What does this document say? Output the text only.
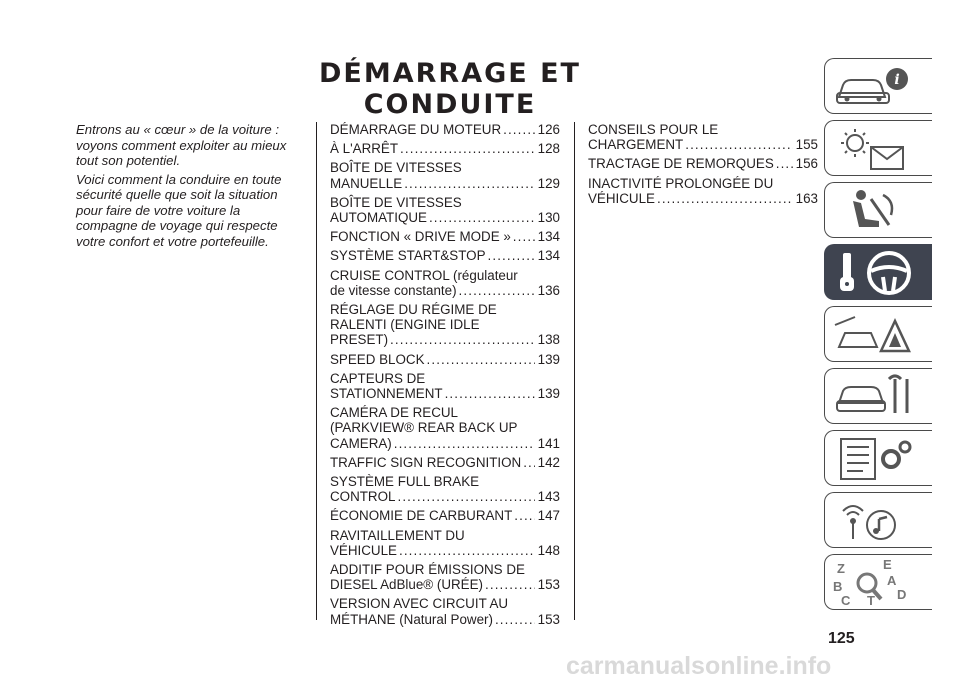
DÉMARRAGE ET CONDUITE

Entrons au « cœur » de la voiture : voyons comment exploiter au mieux tout son potentiel.

Voici comment la conduire en toute sécurité quelle que soit la situation pour faire de votre voiture la compagne de voyage qui respecte votre confort et votre portefeuille.

DÉMARRAGE DU MOTEUR . . .	126
À L'ARRÊT . . .	128
BOÎTE DE VITESSES
MANUELLE . . .	129
BOÎTE DE VITESSES
AUTOMATIQUE . . .	130
FONCTION « DRIVE MODE » . . . 134
SYSTÈME START&STOP . . .	134
CRUISE CONTROL (régulateur
de vitesse constante) . . .	136
RÉGLAGE DU RÉGIME DE
RALENTI (ENGINE IDLE
PRESET) . . .	138
SPEED BLOCK . . .	139
CAPTEURS DE
STATIONNEMENT . . .	139
CAMÉRA DE RECUL
(PARKVIEW® REAR BACK UP
CAMERA) . . .	141
TRAFFIC SIGN RECOGNITION . . . 142
SYSTÈME FULL BRAKE
CONTROL . . .	143
ÉCONOMIE DE CARBURANT . . . 147
RAVITAILLEMENT DU
VÉHICULE . . .	148
ADDITIF POUR ÉMISSIONS DE
DIESEL AdBlue® (URÉE) . . .	153
VERSION AVEC CIRCUIT AU
MÉTHANE (Natural Power) . . .	153
CONSEILS POUR LE
CHARGEMENT . . .	155
TRACTAGE DE REMORQUES . . . 156
INACTIVITÉ PROLONGÉE DU
VÉHICULE . . .	163
i
Z	E
B	A
C T D
125
carmanualsonline.info
